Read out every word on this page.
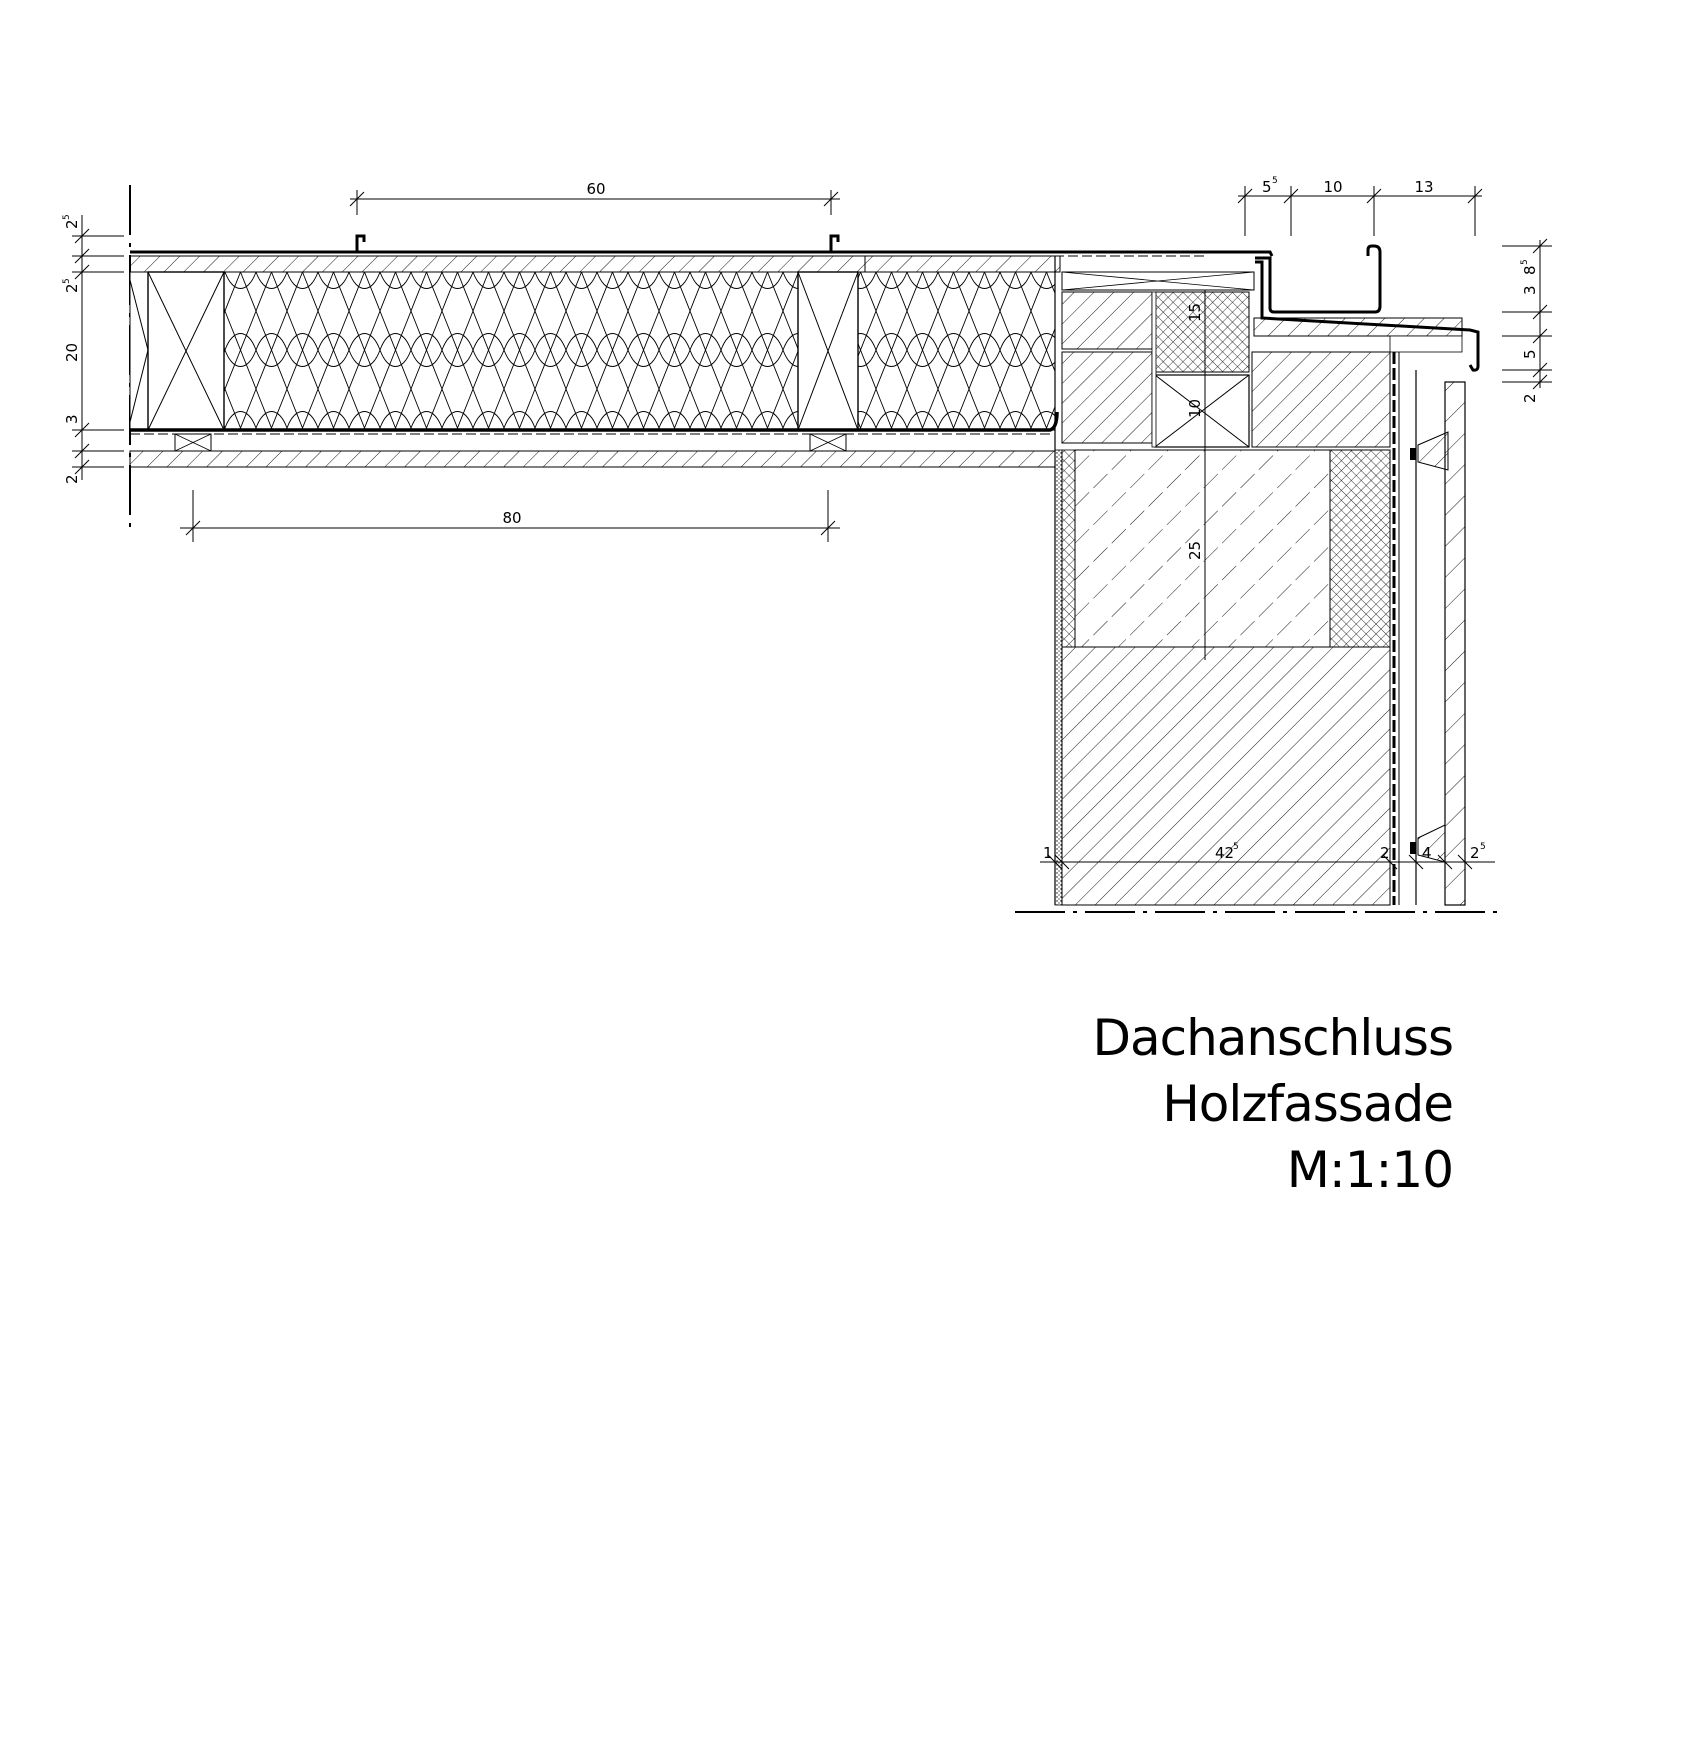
60
80
2
5
2
5
20
3
2
5 5	10	13
3
8
5
5
2
15
10
25
1	42
5	2 4	2 5
Dachanschluss
Holzfassade
M:1:10
